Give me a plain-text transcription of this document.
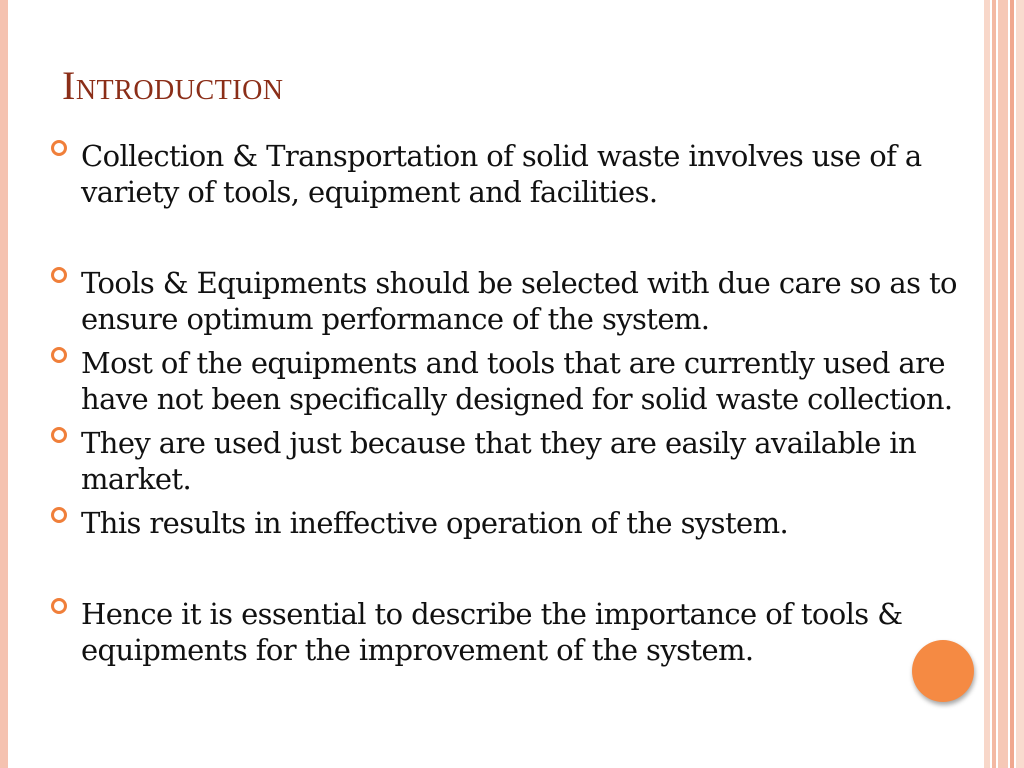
Introduction
Collection & Transportation of solid waste involves use of a variety of tools, equipment and facilities.
Tools & Equipments should be selected with due care so as to ensure optimum performance of the system.
Most of the equipments and tools that are currently used are have not been specifically designed for solid waste collection.
They are used just because that they are easily available in market.
This results in ineffective operation of the system.
Hence it is essential to describe the importance of tools & equipments for the improvement of the system.
